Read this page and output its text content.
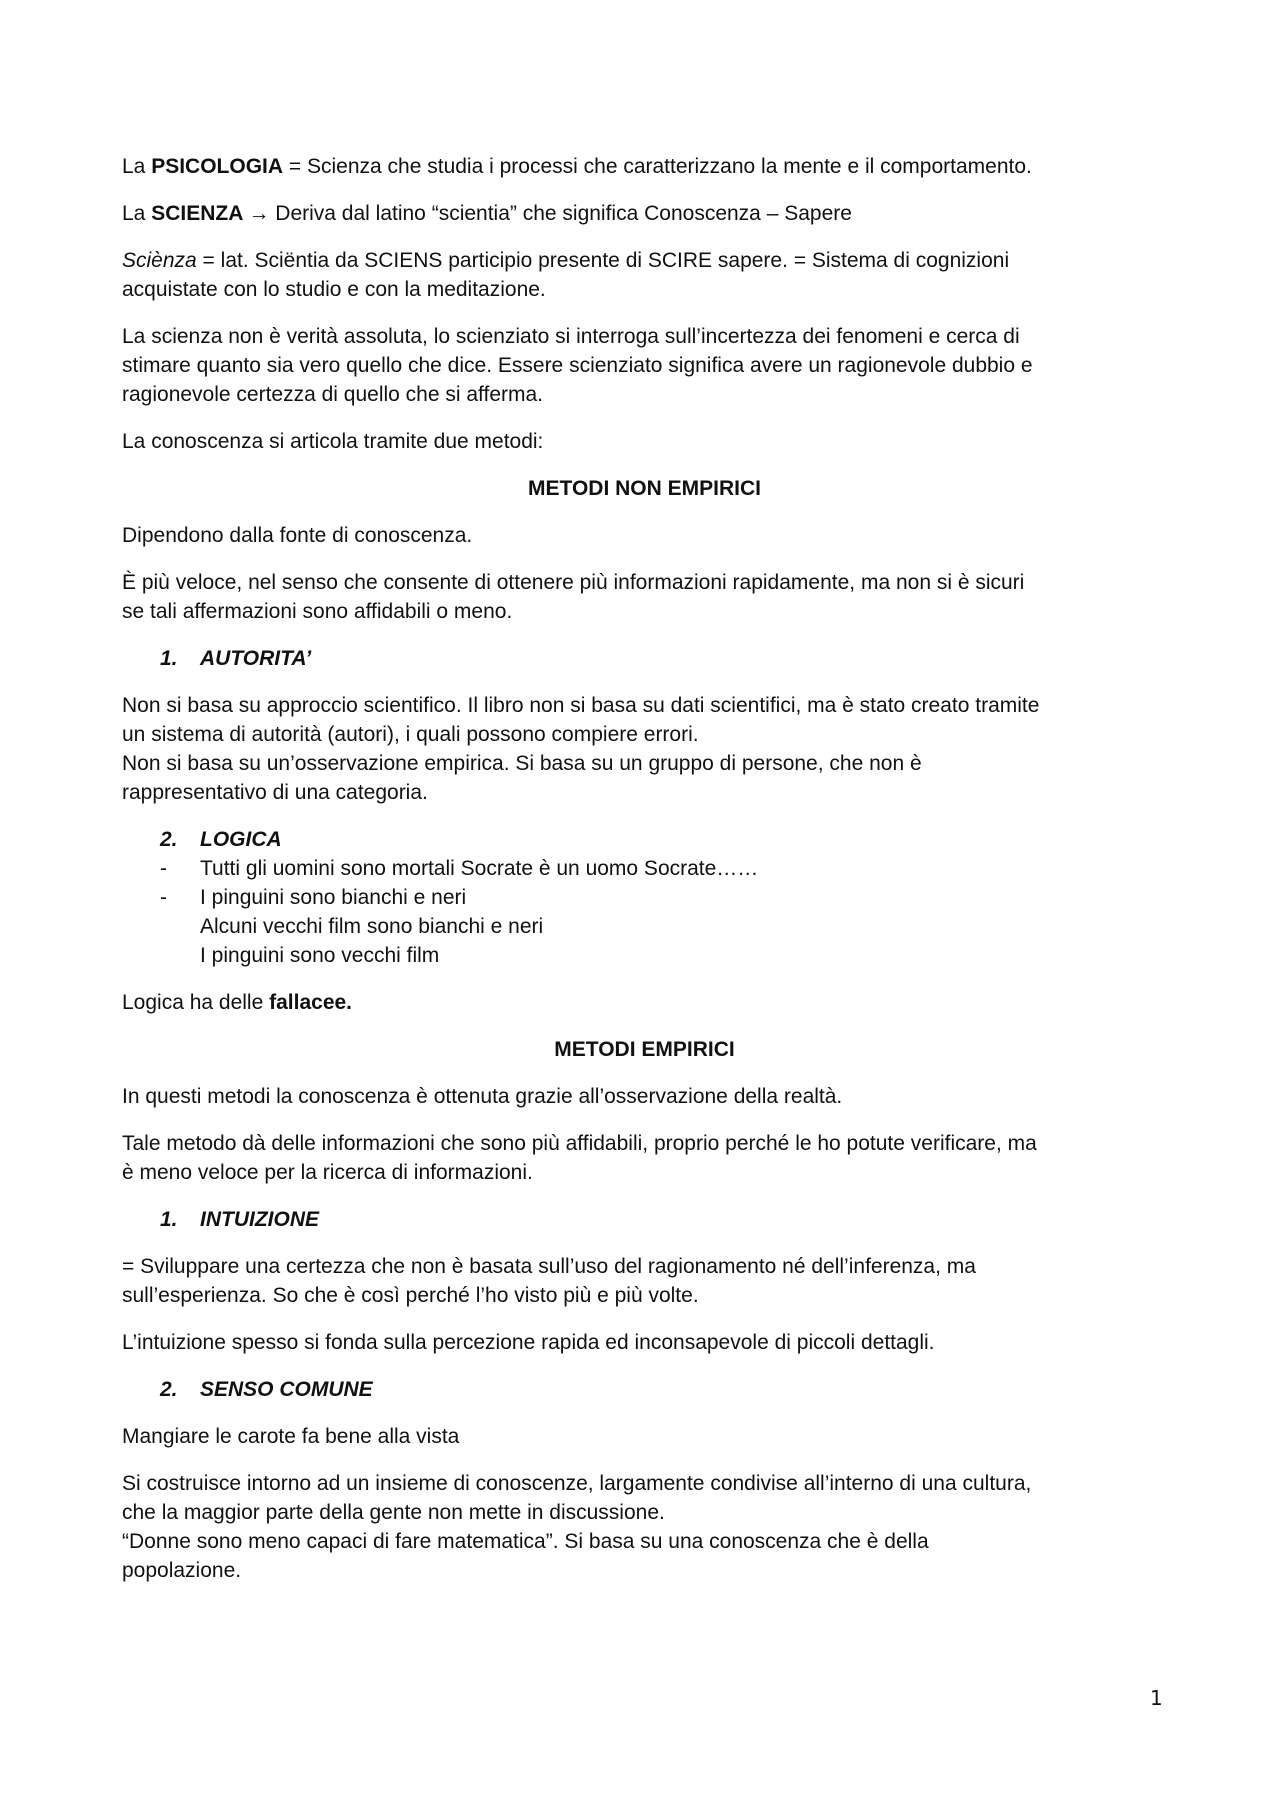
La PSICOLOGIA = Scienza che studia i processi che caratterizzano la mente e il comportamento.

La SCIENZA → Deriva dal latino “scientia” che significa Conoscenza – Sapere

Sciènza = lat. Sciëntia da SCIENS participio presente di SCIRE sapere. = Sistema di cognizioni
acquistate con lo studio e con la meditazione.

La scienza non è verità assoluta, lo scienziato si interroga sull’incertezza dei fenomeni e cerca di
stimare quanto sia vero quello che dice. Essere scienziato significa avere un ragionevole dubbio e
ragionevole certezza di quello che si afferma.

La conoscenza si articola tramite due metodi:

METODI NON EMPIRICI

Dipendono dalla fonte di conoscenza.

È più veloce, nel senso che consente di ottenere più informazioni rapidamente, ma non si è sicuri
se tali affermazioni sono affidabili o meno.

1.	AUTORITA’

Non si basa su approccio scientifico. Il libro non si basa su dati scientifici, ma è stato creato tramite
un sistema di autorità (autori), i quali possono compiere errori.
Non si basa su un’osservazione empirica. Si basa su un gruppo di persone, che non è
rappresentativo di una categoria.

2.	LOGICA
-	Tutti gli uomini sono mortali Socrate è un uomo Socrate……
-	I pinguini sono bianchi e neri
Alcuni vecchi film sono bianchi e neri
I pinguini sono vecchi film

Logica ha delle fallacee.

METODI EMPIRICI

In questi metodi la conoscenza è ottenuta grazie all’osservazione della realtà.

Tale metodo dà delle informazioni che sono più affidabili, proprio perché le ho potute verificare, ma
è meno veloce per la ricerca di informazioni.

1.	INTUIZIONE

= Sviluppare una certezza che non è basata sull’uso del ragionamento né dell’inferenza, ma
sull’esperienza. So che è così perché l’ho visto più e più volte.

L’intuizione spesso si fonda sulla percezione rapida ed inconsapevole di piccoli dettagli.

2.	SENSO COMUNE

Mangiare le carote fa bene alla vista

Si costruisce intorno ad un insieme di conoscenze, largamente condivise all’interno di una cultura,
che la maggior parte della gente non mette in discussione.
“Donne sono meno capaci di fare matematica”. Si basa su una conoscenza che è della
popolazione.

1
